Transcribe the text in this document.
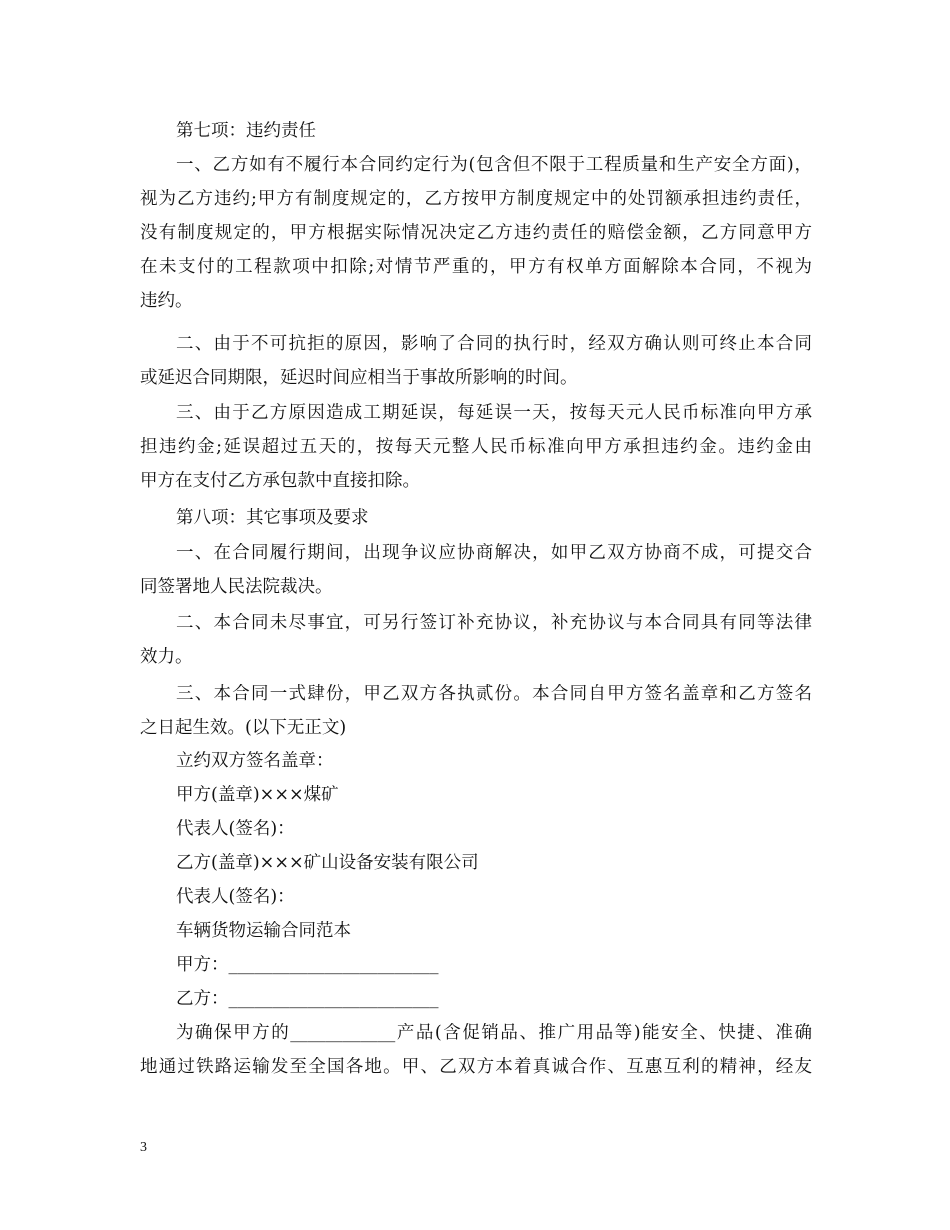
第七项：违约责任
一、乙方如有不履行本合同约定行为(包含但不限于工程质量和生产安全方面)，
视为乙方违约;甲方有制度规定的，乙方按甲方制度规定中的处罚额承担违约责任，
没有制度规定的，甲方根据实际情况决定乙方违约责任的赔偿金额，乙方同意甲方
在未支付的工程款项中扣除;对情节严重的，甲方有权单方面解除本合同，不视为
违约。
二、由于不可抗拒的原因，影响了合同的执行时，经双方确认则可终止本合同
或延迟合同期限，延迟时间应相当于事故所影响的时间。
三、由于乙方原因造成工期延误，每延误一天，按每天元人民币标准向甲方承
担违约金;延误超过五天的，按每天元整人民币标准向甲方承担违约金。违约金由
甲方在支付乙方承包款中直接扣除。
第八项：其它事项及要求
一、在合同履行期间，出现争议应协商解决，如甲乙双方协商不成，可提交合
同签署地人民法院裁决。
二、本合同未尽事宜，可另行签订补充协议，补充协议与本合同具有同等法律
效力。
三、本合同一式肆份，甲乙双方各执贰份。本合同自甲方签名盖章和乙方签名
之日起生效。(以下无正文)
立约双方签名盖章：
甲方(盖章)×××煤矿
代表人(签名)：
乙方(盖章)×××矿山设备安装有限公司
代表人(签名)：
车辆货物运输合同范本
甲方：________________________
乙方：________________________
为确保甲方的____________产品(含促销品、推广用品等)能安全、快捷、准确
地通过铁路运输发至全国各地。甲、乙双方本着真诚合作、互惠互利的精神，经友
3
